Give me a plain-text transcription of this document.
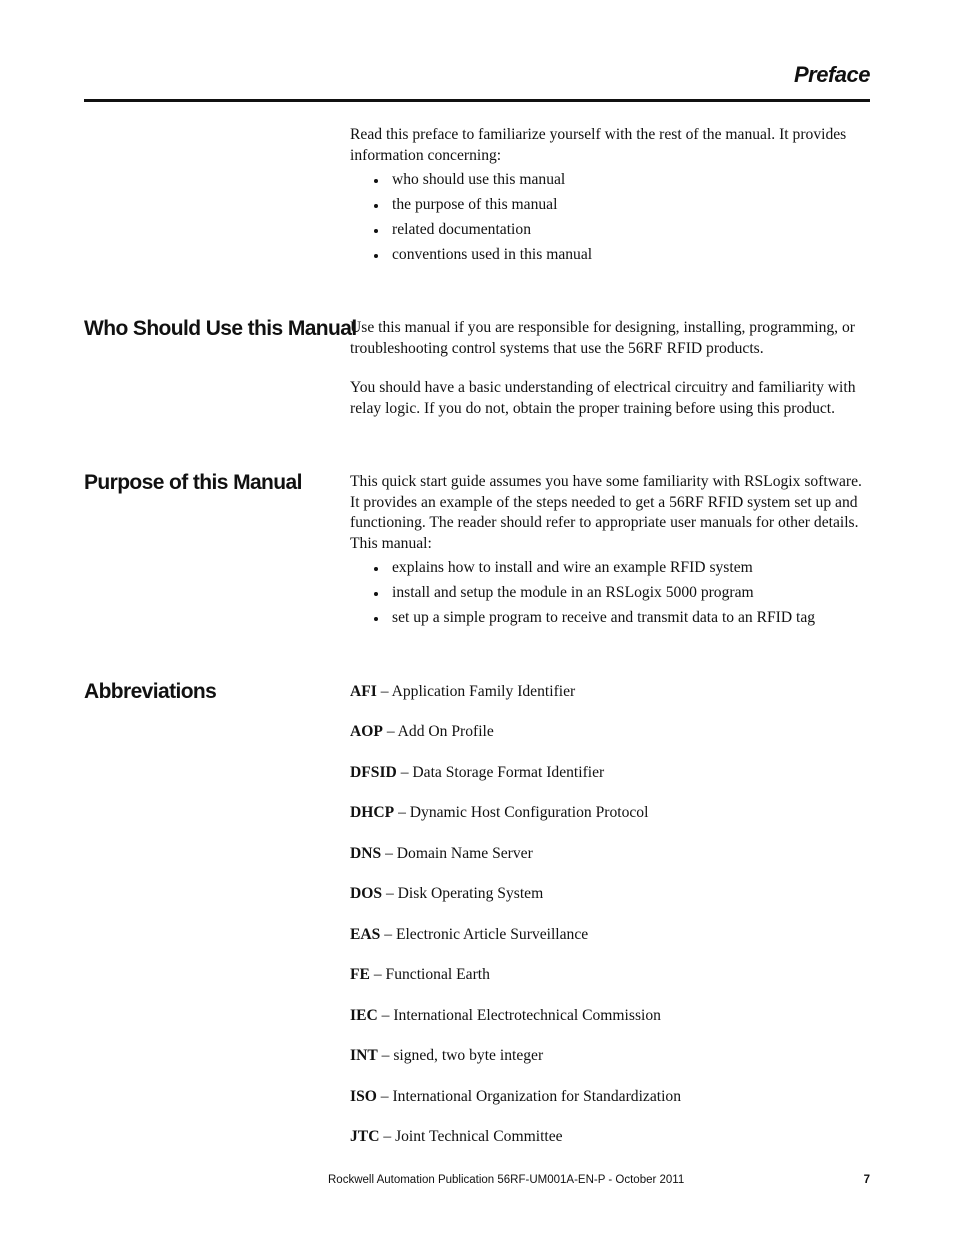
Preface

Read this preface to familiarize yourself with the rest of the manual. It provides information concerning:

who should use this manual
the purpose of this manual
related documentation
conventions used in this manual
Who Should Use this Manual

Use this manual if you are responsible for designing, installing, programming, or troubleshooting control systems that use the 56RF RFID products.

You should have a basic understanding of electrical circuitry and familiarity with relay logic. If you do not, obtain the proper training before using this product.

Purpose of this Manual	This quick start guide assumes you have some familiarity with RSLogix software. It provides an example of the steps needed to get a 56RF RFID system set up and functioning. The reader should refer to appropriate user manuals for other details. This manual:

explains how to install and wire an example RFID system
install and setup the module in an RSLogix 5000 program
set up a simple program to receive and transmit data to an RFID tag
Abbreviations	AFI – Application Family Identifier
AOP – Add On Profile
DFSID – Data Storage Format Identifier
DHCP – Dynamic Host Configuration Protocol
DNS – Domain Name Server
DOS – Disk Operating System
EAS – Electronic Article Surveillance
FE – Functional Earth
IEC – International Electrotechnical Commission
INT – signed, two byte integer
ISO – International Organization for Standardization
JTC – Joint Technical Committee
Rockwell Automation Publication 56RF-UM001A-EN-P - October 2011	7
